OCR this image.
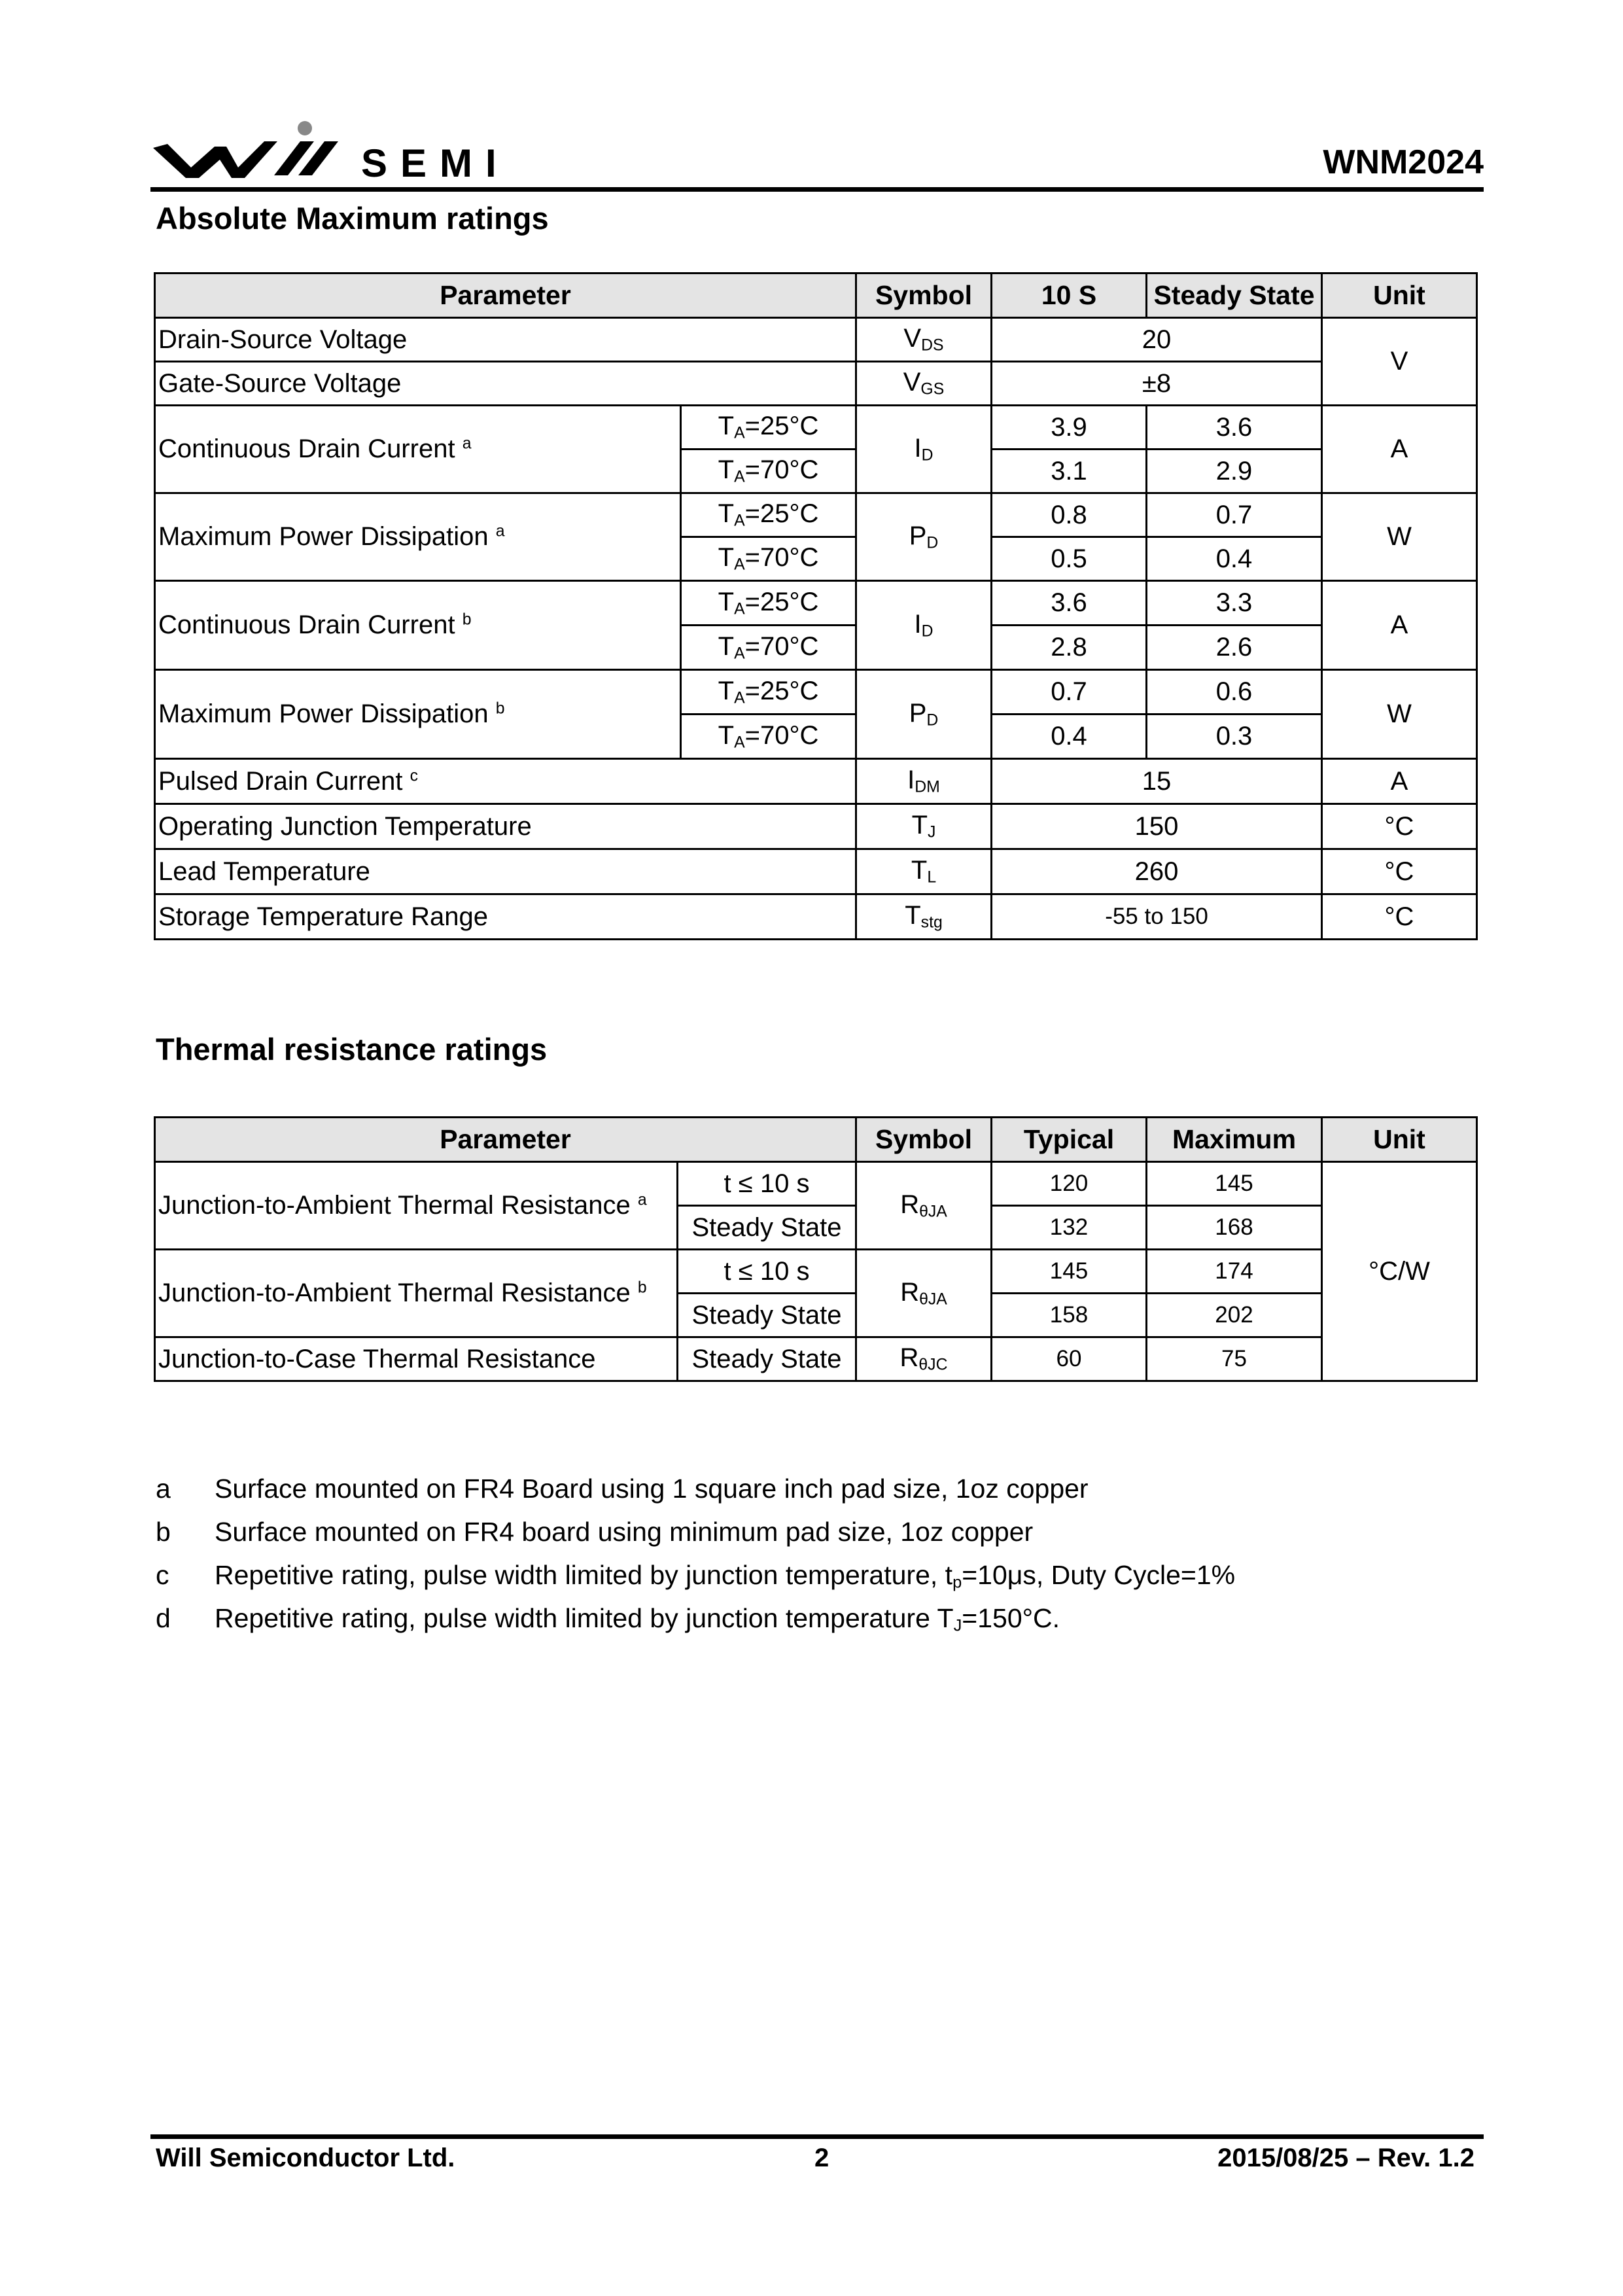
SEMI	WNM2024
Absolute Maximum ratings
Parameter		Symbol	10 S	Steady State	Unit
Drain-Source Voltage		$V_{DS}$	20		V
Gate-Source Voltage		$V_{GS}$	±8		
Continuous Drain Current $^a$	$T_A=25^\circ C$	$I_D$	3.9	3.6	A
	$T_A=70^\circ C$		3.1	2.9	
Maximum Power Dissipation $^a$	$T_A=25^\circ C$	$P_D$	0.8	0.7	W
	$T_A=70^\circ C$		0.5	0.4	
Continuous Drain Current $^b$	$T_A=25^\circ C$	$I_D$	3.6	3.3	A
	$T_A=70^\circ C$		2.8	2.6	
Maximum Power Dissipation $^b$	$T_A=25^\circ C$	$P_D$	0.7	0.6	W
	$T_A=70^\circ C$		0.4	0.3	
Pulsed Drain Current $^c$		$I_{DM}$	15		A
Operating Junction Temperature		$T_J$	150		°C
Lead Temperature		$T_L$	260		°C
Storage Temperature Range		$T_{stg}$	-55 to 150		°C
Thermal resistance ratings
Parameter		Symbol	Typical	Maximum	Unit
Junction-to-Ambient Thermal Resistance $^a$	t ≤ 10 s	$R_{\theta JA}$	120	145	°C/W
	Steady State		132	168	
Junction-to-Ambient Thermal Resistance $^b$	t ≤ 10 s	$R_{\theta JA}$	145	174	
	Steady State		158	202	
Junction-to-Case Thermal Resistance	Steady State	$R_{\theta JC}$	60	75	
a Surface mounted on FR4 Board using 1 square inch pad size, 1oz copper
b Surface mounted on FR4 board using minimum pad size, 1oz copper
c Repetitive rating, pulse width limited by junction temperature, $t_p=10\mu s$, Duty Cycle=1%
d Repetitive rating, pulse width limited by junction temperature $T_J=150^\circ C$.
Will Semiconductor Ltd.	2	2015/08/25 – Rev. 1.2
